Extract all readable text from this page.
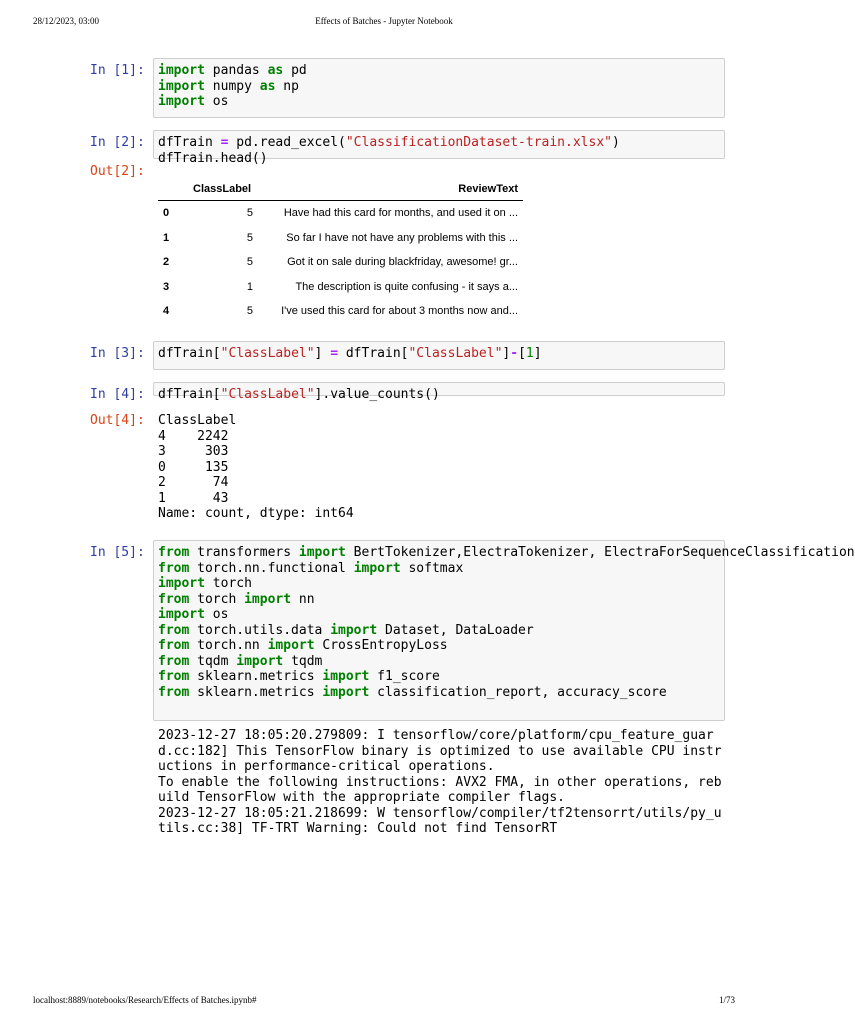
28/12/2023, 03:00	Effects of Batches - Jupyter Notebook
In [1]:	import pandas as pd
import numpy as np
import os
In [2]:	dfTrain = pd.read_excel("ClassificationDataset-train.xlsx")
dfTrain.head()
Out[2]:
	ClassLabel	ReviewText
0	5	Have had this card for months, and used it on ...
1	5	So far I have not have any problems with this ...
2	5	Got it on sale during blackfriday, awesome! gr...
3	1	The description is quite confusing - it says a...
4	5	I've used this card for about 3 months now and...
In [3]:	dfTrain["ClassLabel"] = dfTrain["ClassLabel"]-[1]
In [4]:	dfTrain["ClassLabel"].value_counts()
Out[4]:	ClassLabel
4    2242
3     303
0     135
2      74
1      43
Name: count, dtype: int64
In [5]:	from transformers import BertTokenizer,ElectraTokenizer, ElectraForSequenceClassification
from torch.nn.functional import softmax
import torch
from torch import nn
import os
from torch.utils.data import Dataset, DataLoader
from torch.nn import CrossEntropyLoss
from tqdm import tqdm
from sklearn.metrics import f1_score
from sklearn.metrics import classification_report, accuracy_score
2023-12-27 18:05:20.279809: I tensorflow/core/platform/cpu_feature_guard.cc:182] This TensorFlow binary is optimized to use available CPU instructions in performance-critical operations.
To enable the following instructions: AVX2 FMA, in other operations, rebuild TensorFlow with the appropriate compiler flags.
2023-12-27 18:05:21.218699: W tensorflow/compiler/tf2tensorrt/utils/py_utils.cc:38] TF-TRT Warning: Could not find TensorRT
localhost:8889/notebooks/Research/Effects of Batches.ipynb#	1/73
